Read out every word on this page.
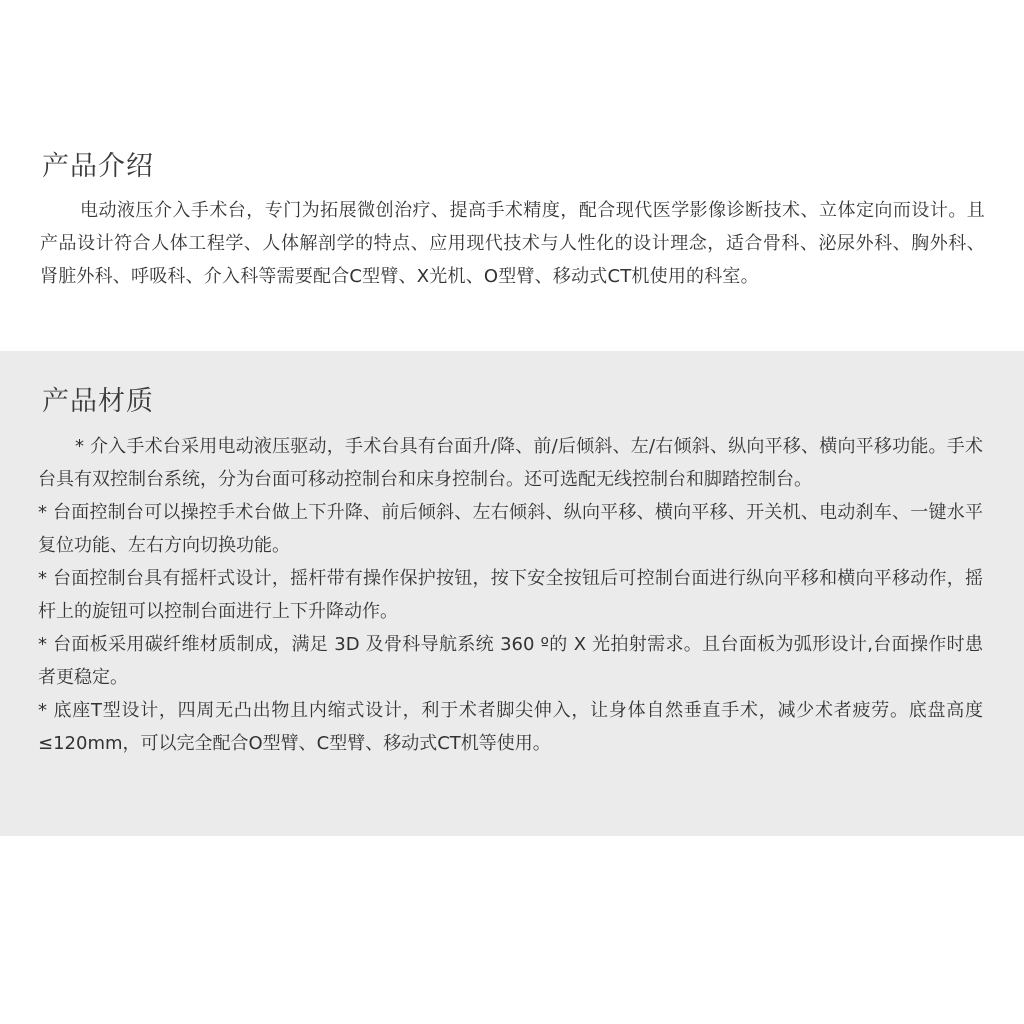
产品介绍

电动液压介入手术台，专门为拓展微创治疗、提高手术精度，配合现代医学影像诊断技术、立体定向而设计。且产品设计符合人体工程学、人体解剖学的特点、应用现代技术与人性化的设计理念，适合骨科、泌尿外科、胸外科、肾脏外科、呼吸科、介入科等需要配合C型臂、X光机、O型臂、移动式CT机使用的科室。

产品材质

* 介入手术台采用电动液压驱动，手术台具有台面升/降、前/后倾斜、左/右倾斜、纵向平移、横向平移功能。手术台具有双控制台系统，分为台面可移动控制台和床身控制台。还可选配无线控制台和脚踏控制台。

* 台面控制台可以操控手术台做上下升降、前后倾斜、左右倾斜、纵向平移、横向平移、开关机、电动刹车、一键水平复位功能、左右方向切换功能。

* 台面控制台具有摇杆式设计，摇杆带有操作保护按钮，按下安全按钮后可控制台面进行纵向平移和横向平移动作，摇杆上的旋钮可以控制台面进行上下升降动作。

* 台面板采用碳纤维材质制成，满足 3D 及骨科导航系统 360 º的 X 光拍射需求。且台面板为弧形设计,台面操作时患者更稳定。

* 底座T型设计，四周无凸出物且内缩式设计，利于术者脚尖伸入，让身体自然垂直手术，减少术者疲劳。底盘高度≤120mm，可以完全配合O型臂、C型臂、移动式CT机等使用。
